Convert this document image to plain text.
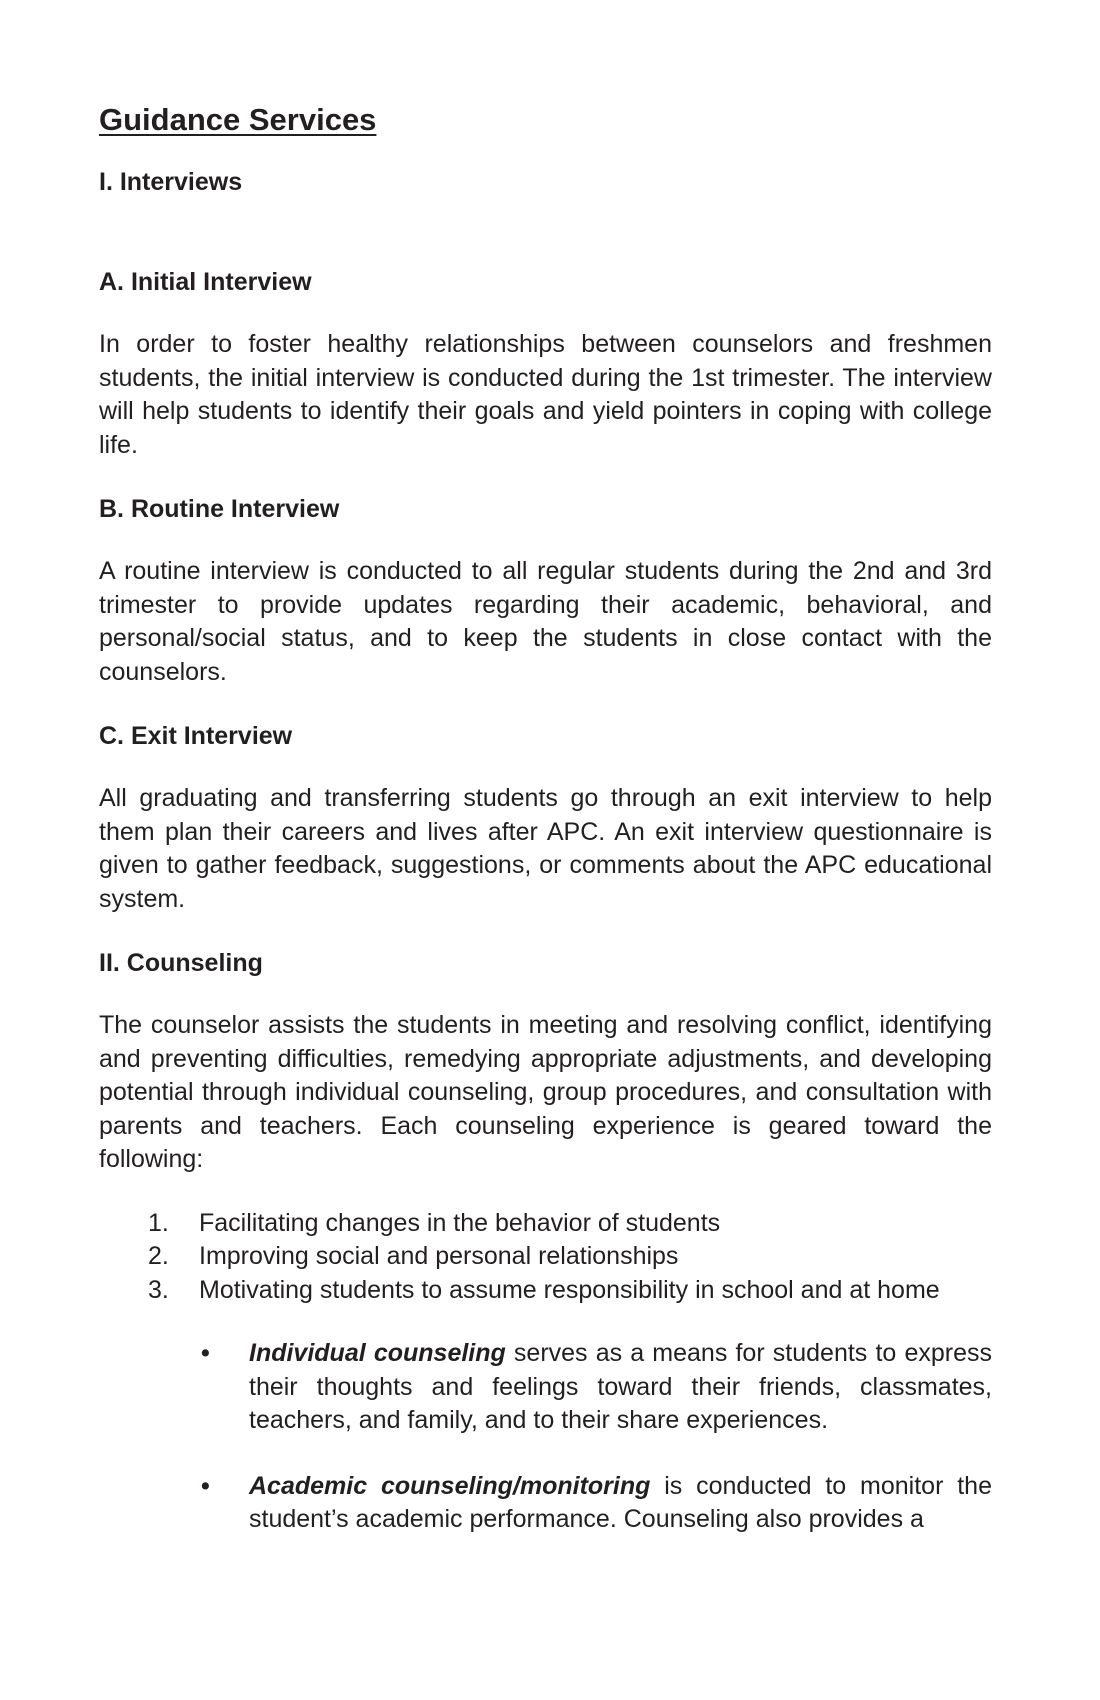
Guidance Services
I. Interviews
A. Initial Interview

In order to foster healthy relationships between counselors and freshmen students, the initial interview is conducted during the 1st trimester. The interview will help students to identify their goals and yield pointers in coping with college life.

B. Routine Interview

A routine interview is conducted to all regular students during the 2nd and 3rd trimester to provide updates regarding their academic, behavioral, and personal/social status, and to keep the students in close contact with the counselors.

C. Exit Interview

All graduating and transferring students go through an exit interview to help them plan their careers and lives after APC. An exit interview questionnaire is given to gather feedback, suggestions, or comments about the APC educational system.

II. Counseling

The counselor assists the students in meeting and resolving conflict, identifying and preventing difficulties, remedying appropriate adjustments, and developing potential through individual counseling, group procedures, and consultation with parents and teachers. Each counseling experience is geared toward the following:

1. Facilitating changes in the behavior of students
2. Improving social and personal relationships
3. Motivating students to assume responsibility in school and at home
• Individual counseling serves as a means for students to express their thoughts and feelings toward their friends, classmates, teachers, and family, and to their share experiences.
• Academic counseling/monitoring is conducted to monitor the student’s academic performance. Counseling also provides a
